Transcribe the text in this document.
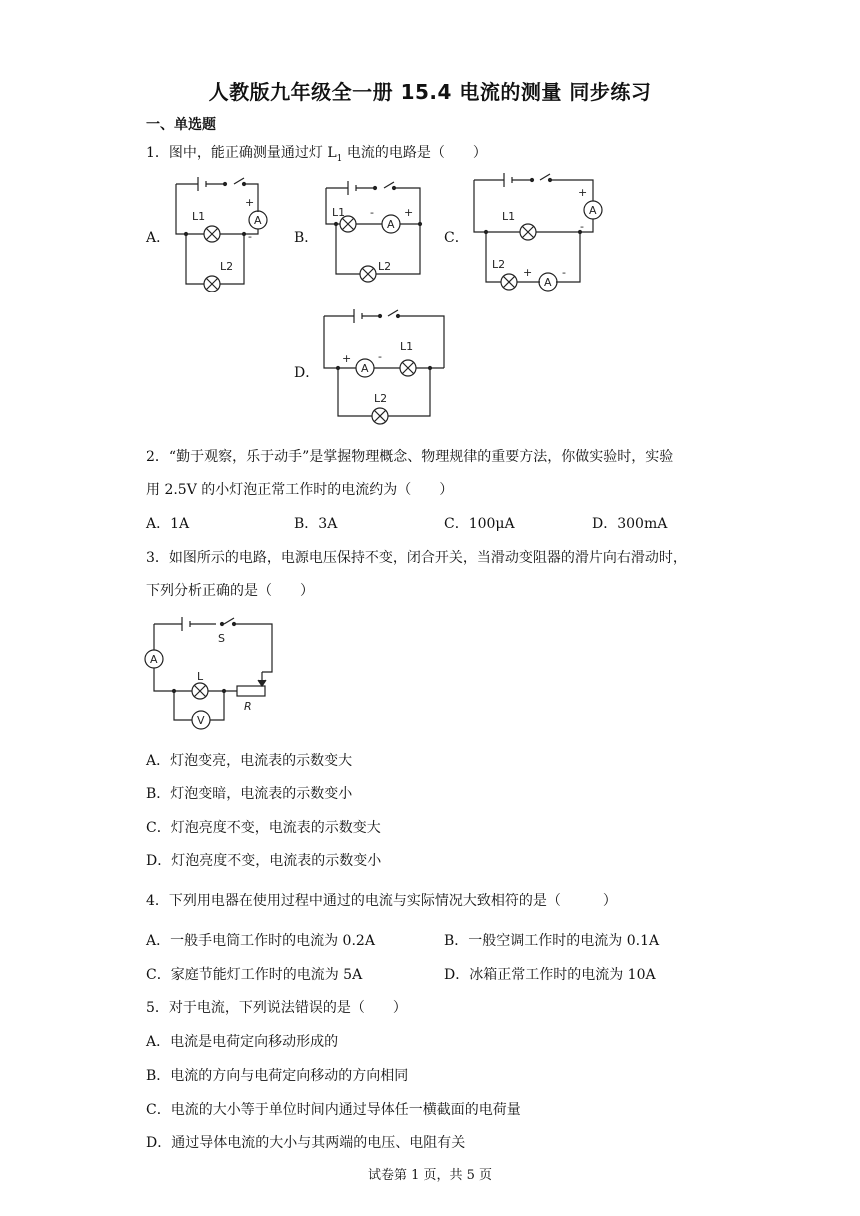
人教版九年级全一册 15.4 电流的测量 同步练习
一、单选题
1．图中，能正确测量通过灯 $L_1$ 电流的电路是（　　）
A．	B．	C．
D．
A
+
-
L1
L2
A
-	+
L1
L2
A
+
-
A
+	-
L1
L2
A
+ -
L1
L2
2．“勤于观察，乐于动手”是掌握物理概念、物理规律的重要方法，你做实验时，实验
用 2.5V 的小灯泡正常工作时的电流约为（　　）
A．1A	B．3A	C．100μA	D．300mA
3．如图所示的电路，电源电压保持不变，闭合开关，当滑动变阻器的滑片向右滑动时，
下列分析正确的是（　　）
S
A
L
V
R
A．灯泡变亮，电流表的示数变大
B．灯泡变暗，电流表的示数变小
C．灯泡亮度不变，电流表的示数变大
D．灯泡亮度不变，电流表的示数变小
4．下列用电器在使用过程中通过的电流与实际情况大致相符的是（　　　）
A．一般手电筒工作时的电流为 0.2A	B．一般空调工作时的电流为 0.1A
C．家庭节能灯工作时的电流为 5A	D．冰箱正常工作时的电流为 10A
5．对于电流，下列说法错误的是（　　）
A．电流是电荷定向移动形成的
B．电流的方向与电荷定向移动的方向相同
C．电流的大小等于单位时间内通过导体任一横截面的电荷量
D．通过导体电流的大小与其两端的电压、电阻有关
试卷第 1 页，共 5 页
